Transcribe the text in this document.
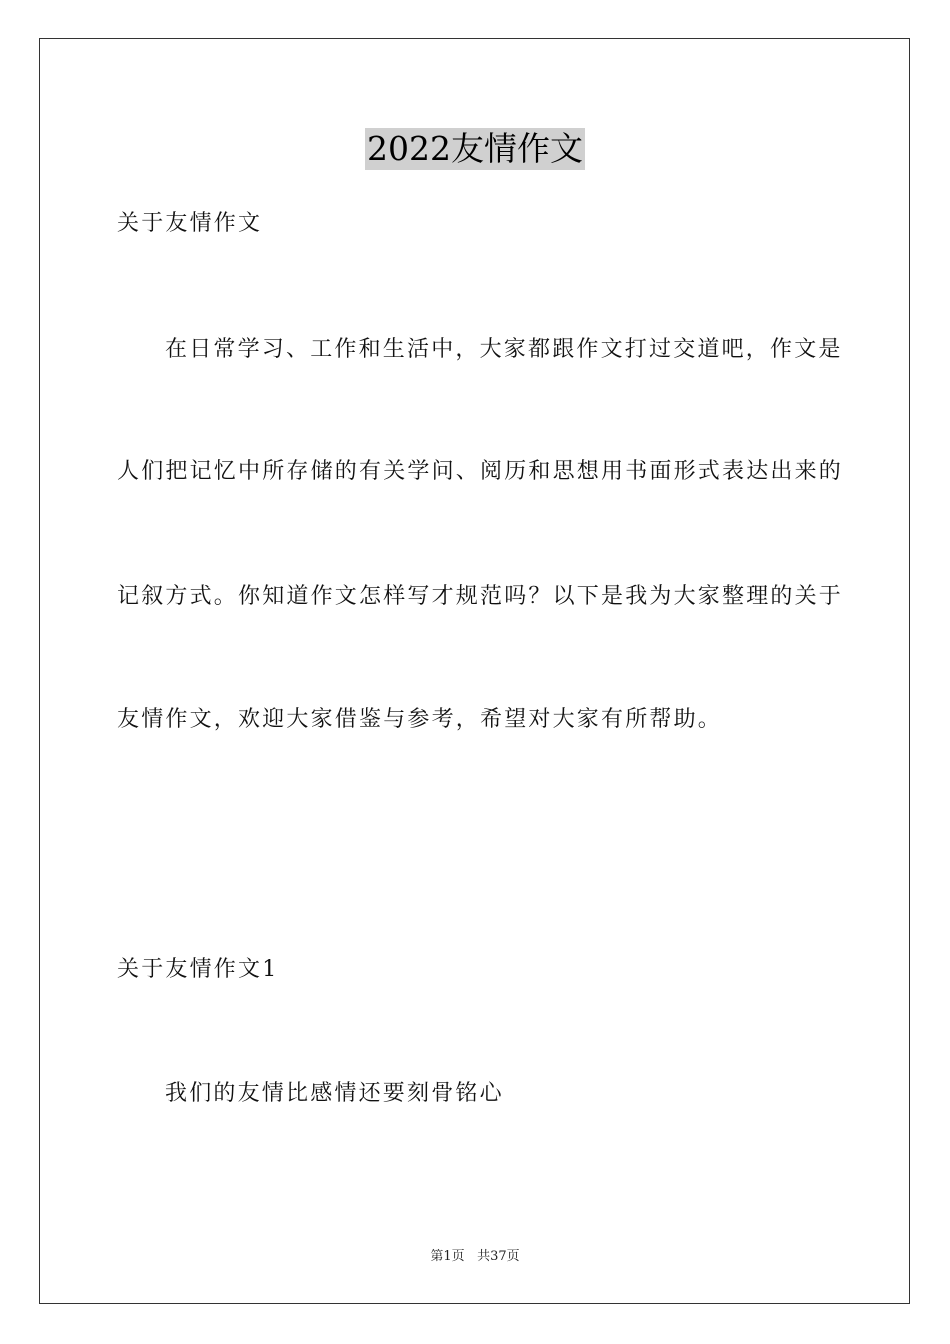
2022友情作文
关于友情作文
在日常学习、工作和生活中，大家都跟作文打过交道吧，作文是
人们把记忆中所存储的有关学问、阅历和思想用书面形式表达出来的
记叙方式。你知道作文怎样写才规范吗？以下是我为大家整理的关于
友情作文，欢迎大家借鉴与参考，希望对大家有所帮助。
关于友情作文1
我们的友情比感情还要刻骨铭心
第1页 共37页
